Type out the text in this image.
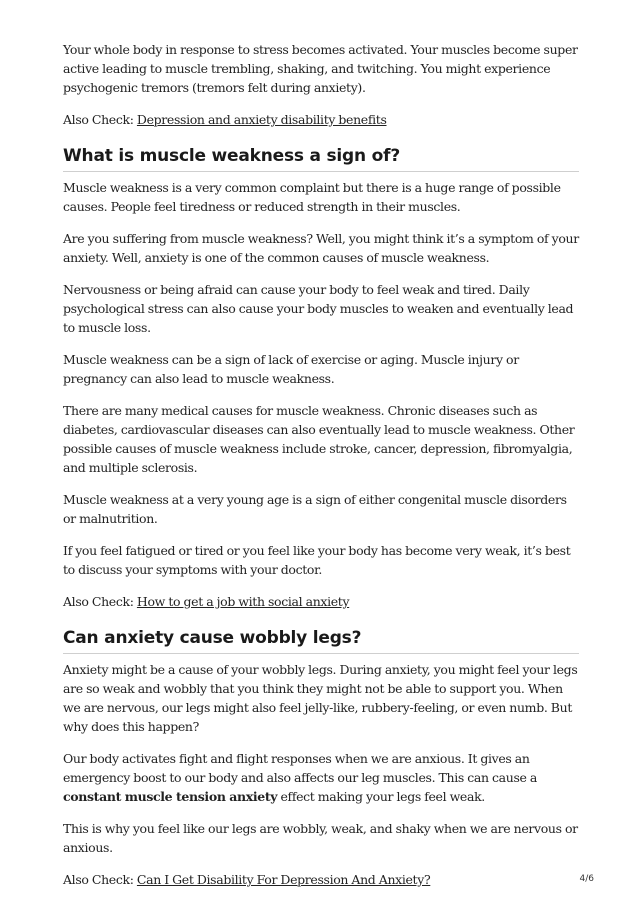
Your whole body in response to stress becomes activated. Your muscles become super active leading to muscle trembling, shaking, and twitching. You might experience psychogenic tremors (tremors felt during anxiety).

Also Check: Depression and anxiety disability benefits

What is muscle weakness a sign of?

Muscle weakness is a very common complaint but there is a huge range of possible causes. People feel tiredness or reduced strength in their muscles.

Are you suffering from muscle weakness? Well, you might think it’s a symptom of your anxiety. Well, anxiety is one of the common causes of muscle weakness.

Nervousness or being afraid can cause your body to feel weak and tired. Daily psychological stress can also cause your body muscles to weaken and eventually lead to muscle loss.

Muscle weakness can be a sign of lack of exercise or aging. Muscle injury or pregnancy can also lead to muscle weakness.

There are many medical causes for muscle weakness. Chronic diseases such as diabetes, cardiovascular diseases can also eventually lead to muscle weakness. Other possible causes of muscle weakness include stroke, cancer, depression, fibromyalgia, and multiple sclerosis.

Muscle weakness at a very young age is a sign of either congenital muscle disorders or malnutrition.

If you feel fatigued or tired or you feel like your body has become very weak, it’s best to discuss your symptoms with your doctor.

Also Check: How to get a job with social anxiety

Can anxiety cause wobbly legs?

Anxiety might be a cause of your wobbly legs. During anxiety, you might feel your legs are so weak and wobbly that you think they might not be able to support you. When we are nervous, our legs might also feel jelly-like, rubbery-feeling, or even numb. But why does this happen?

Our body activates fight and flight responses when we are anxious. It gives an emergency boost to our body and also affects our leg muscles. This can cause a constant muscle tension anxiety effect making your legs feel weak.

This is why you feel like our legs are wobbly, weak, and shaky when we are nervous or anxious.

Also Check: Can I Get Disability For Depression And Anxiety?	4/6
